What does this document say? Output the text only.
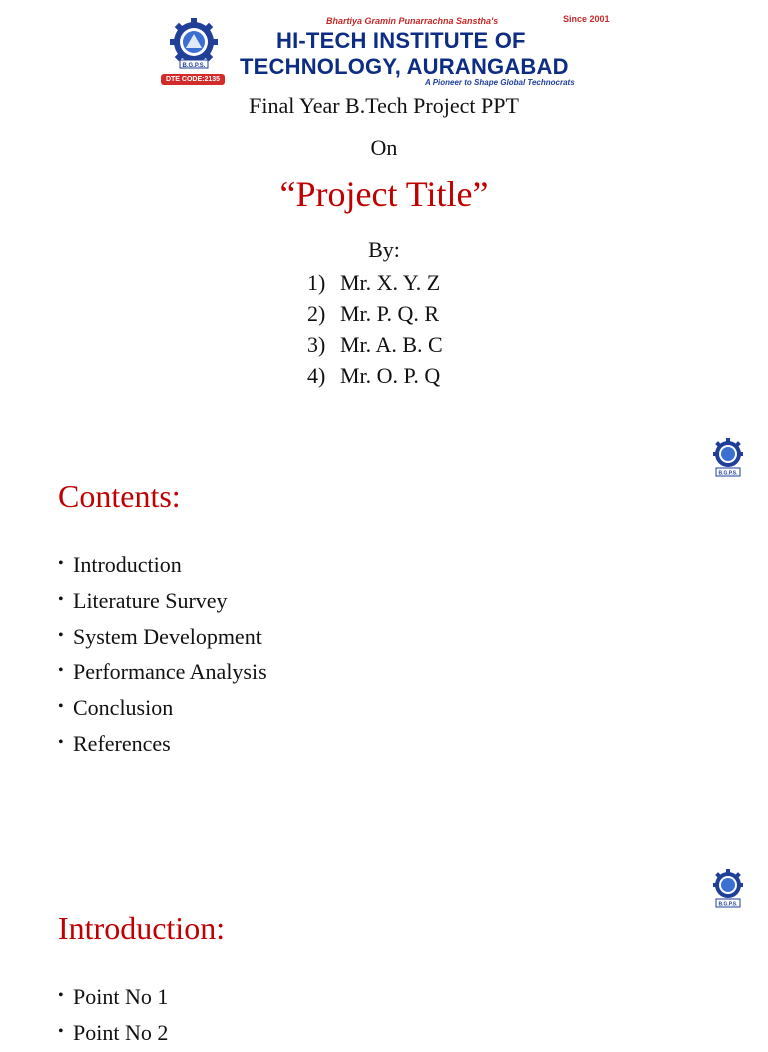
B.G.P.S.
DTE CODE:2135
Bhartiya Gramin Punarrachna Sanstha's	Since 2001
HI-TECH INSTITUTE OF
TECHNOLOGY, AURANGABAD
A Pioneer to Shape Global Technocrats
Final Year B.Tech Project PPT
On
“Project Title”
By:
1) Mr. X. Y. Z
2) Mr. P. Q. R
3) Mr. A. B. C
4) Mr. O. P. Q
B.G.P.S.
Contents:
• Introduction
• Literature Survey
• System Development
• Performance Analysis
• Conclusion
• References
B.G.P.S.
Introduction:
• Point No 1
• Point No 2
